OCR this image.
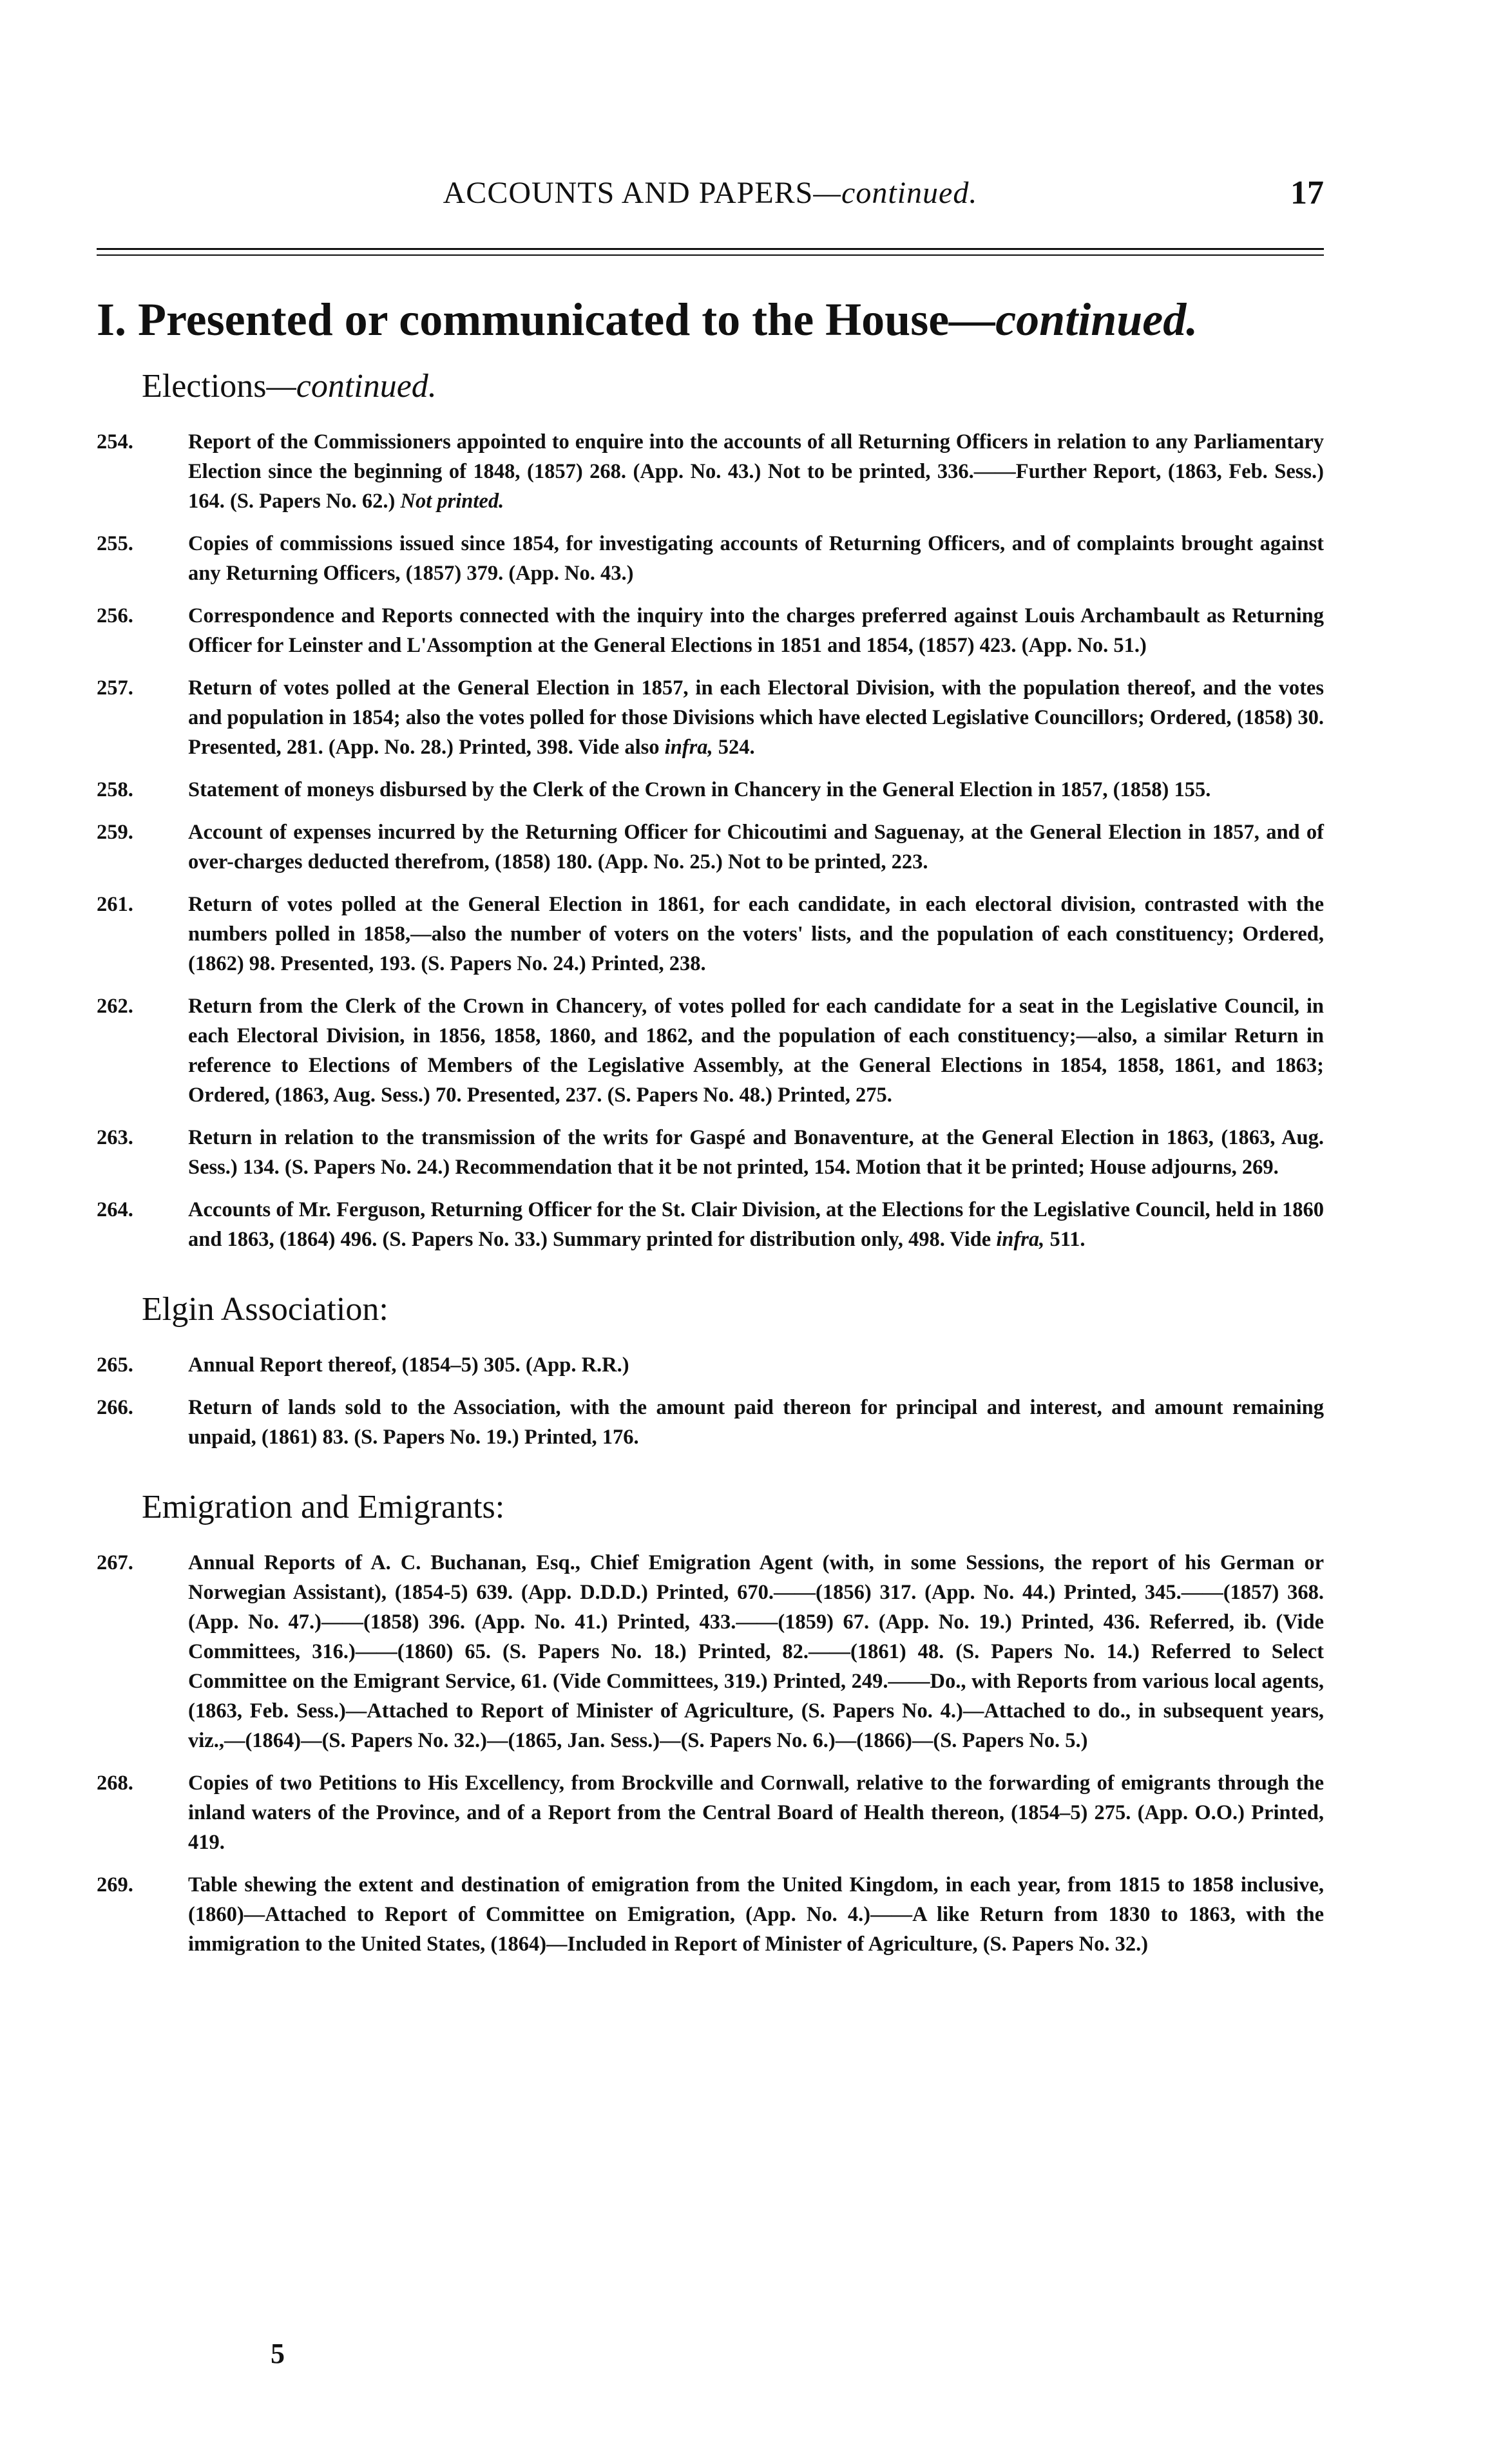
ACCOUNTS AND PAPERS—continued.	17
I. Presented or communicated to the House—continued.
Elections—continued.
254.	Report of the Commissioners appointed to enquire into the accounts of all Returning Officers in relation to any Parliamentary Election since the beginning of 1848, (1857) 268. (App. No. 43.) Not to be printed, 336.——Further Report, (1863, Feb. Sess.) 164. (S. Papers No. 62.) Not printed.
255.	Copies of commissions issued since 1854, for investigating accounts of Returning Officers, and of complaints brought against any Returning Officers, (1857) 379. (App. No. 43.)
256.	Correspondence and Reports connected with the inquiry into the charges preferred against Louis Archambault as Returning Officer for Leinster and L'Assomption at the General Elections in 1851 and 1854, (1857) 423. (App. No. 51.)
257.	Return of votes polled at the General Election in 1857, in each Electoral Division, with the population thereof, and the votes and population in 1854; also the votes polled for those Divisions which have elected Legislative Councillors; Ordered, (1858) 30. Presented, 281. (App. No. 28.) Printed, 398. Vide also infra, 524.
258.	Statement of moneys disbursed by the Clerk of the Crown in Chancery in the General Election in 1857, (1858) 155.
259.	Account of expenses incurred by the Returning Officer for Chicoutimi and Saguenay, at the General Election in 1857, and of over-charges deducted therefrom, (1858) 180. (App. No. 25.) Not to be printed, 223.
261.	Return of votes polled at the General Election in 1861, for each candidate, in each electoral division, contrasted with the numbers polled in 1858,—also the number of voters on the voters' lists, and the population of each constituency; Ordered, (1862) 98. Presented, 193. (S. Papers No. 24.) Printed, 238.
262.	Return from the Clerk of the Crown in Chancery, of votes polled for each candidate for a seat in the Legislative Council, in each Electoral Division, in 1856, 1858, 1860, and 1862, and the population of each constituency;—also, a similar Return in reference to Elections of Members of the Legislative Assembly, at the General Elections in 1854, 1858, 1861, and 1863; Ordered, (1863, Aug. Sess.) 70. Presented, 237. (S. Papers No. 48.) Printed, 275.
263.	Return in relation to the transmission of the writs for Gaspé and Bonaventure, at the General Election in 1863, (1863, Aug. Sess.) 134. (S. Papers No. 24.) Recommendation that it be not printed, 154. Motion that it be printed; House adjourns, 269.
264.	Accounts of Mr. Ferguson, Returning Officer for the St. Clair Division, at the Elections for the Legislative Council, held in 1860 and 1863, (1864) 496. (S. Papers No. 33.) Summary printed for distribution only, 498. Vide infra, 511.
Elgin Association:
265.	Annual Report thereof, (1854–5) 305. (App. R.R.)
266.	Return of lands sold to the Association, with the amount paid thereon for principal and interest, and amount remaining unpaid, (1861) 83. (S. Papers No. 19.) Printed, 176.
Emigration and Emigrants:
267.	Annual Reports of A. C. Buchanan, Esq., Chief Emigration Agent (with, in some Sessions, the report of his German or Norwegian Assistant), (1854-5) 639. (App. D.D.D.) Printed, 670.——(1856) 317. (App. No. 44.) Printed, 345.——(1857) 368. (App. No. 47.)——(1858) 396. (App. No. 41.) Printed, 433.——(1859) 67. (App. No. 19.) Printed, 436. Referred, ib. (Vide Committees, 316.)——(1860) 65. (S. Papers No. 18.) Printed, 82.——(1861) 48. (S. Papers No. 14.) Referred to Select Committee on the Emigrant Service, 61. (Vide Committees, 319.) Printed, 249.——Do., with Reports from various local agents, (1863, Feb. Sess.)—Attached to Report of Minister of Agriculture, (S. Papers No. 4.)—Attached to do., in subsequent years, viz.,—(1864)—(S. Papers No. 32.)—(1865, Jan. Sess.)—(S. Papers No. 6.)—(1866)—(S. Papers No. 5.)
268.	Copies of two Petitions to His Excellency, from Brockville and Cornwall, relative to the forwarding of emigrants through the inland waters of the Province, and of a Report from the Central Board of Health thereon, (1854–5) 275. (App. O.O.) Printed, 419.
269.	Table shewing the extent and destination of emigration from the United Kingdom, in each year, from 1815 to 1858 inclusive, (1860)—Attached to Report of Committee on Emigration, (App. No. 4.)——A like Return from 1830 to 1863, with the immigration to the United States, (1864)—Included in Report of Minister of Agriculture, (S. Papers No. 32.)
5
